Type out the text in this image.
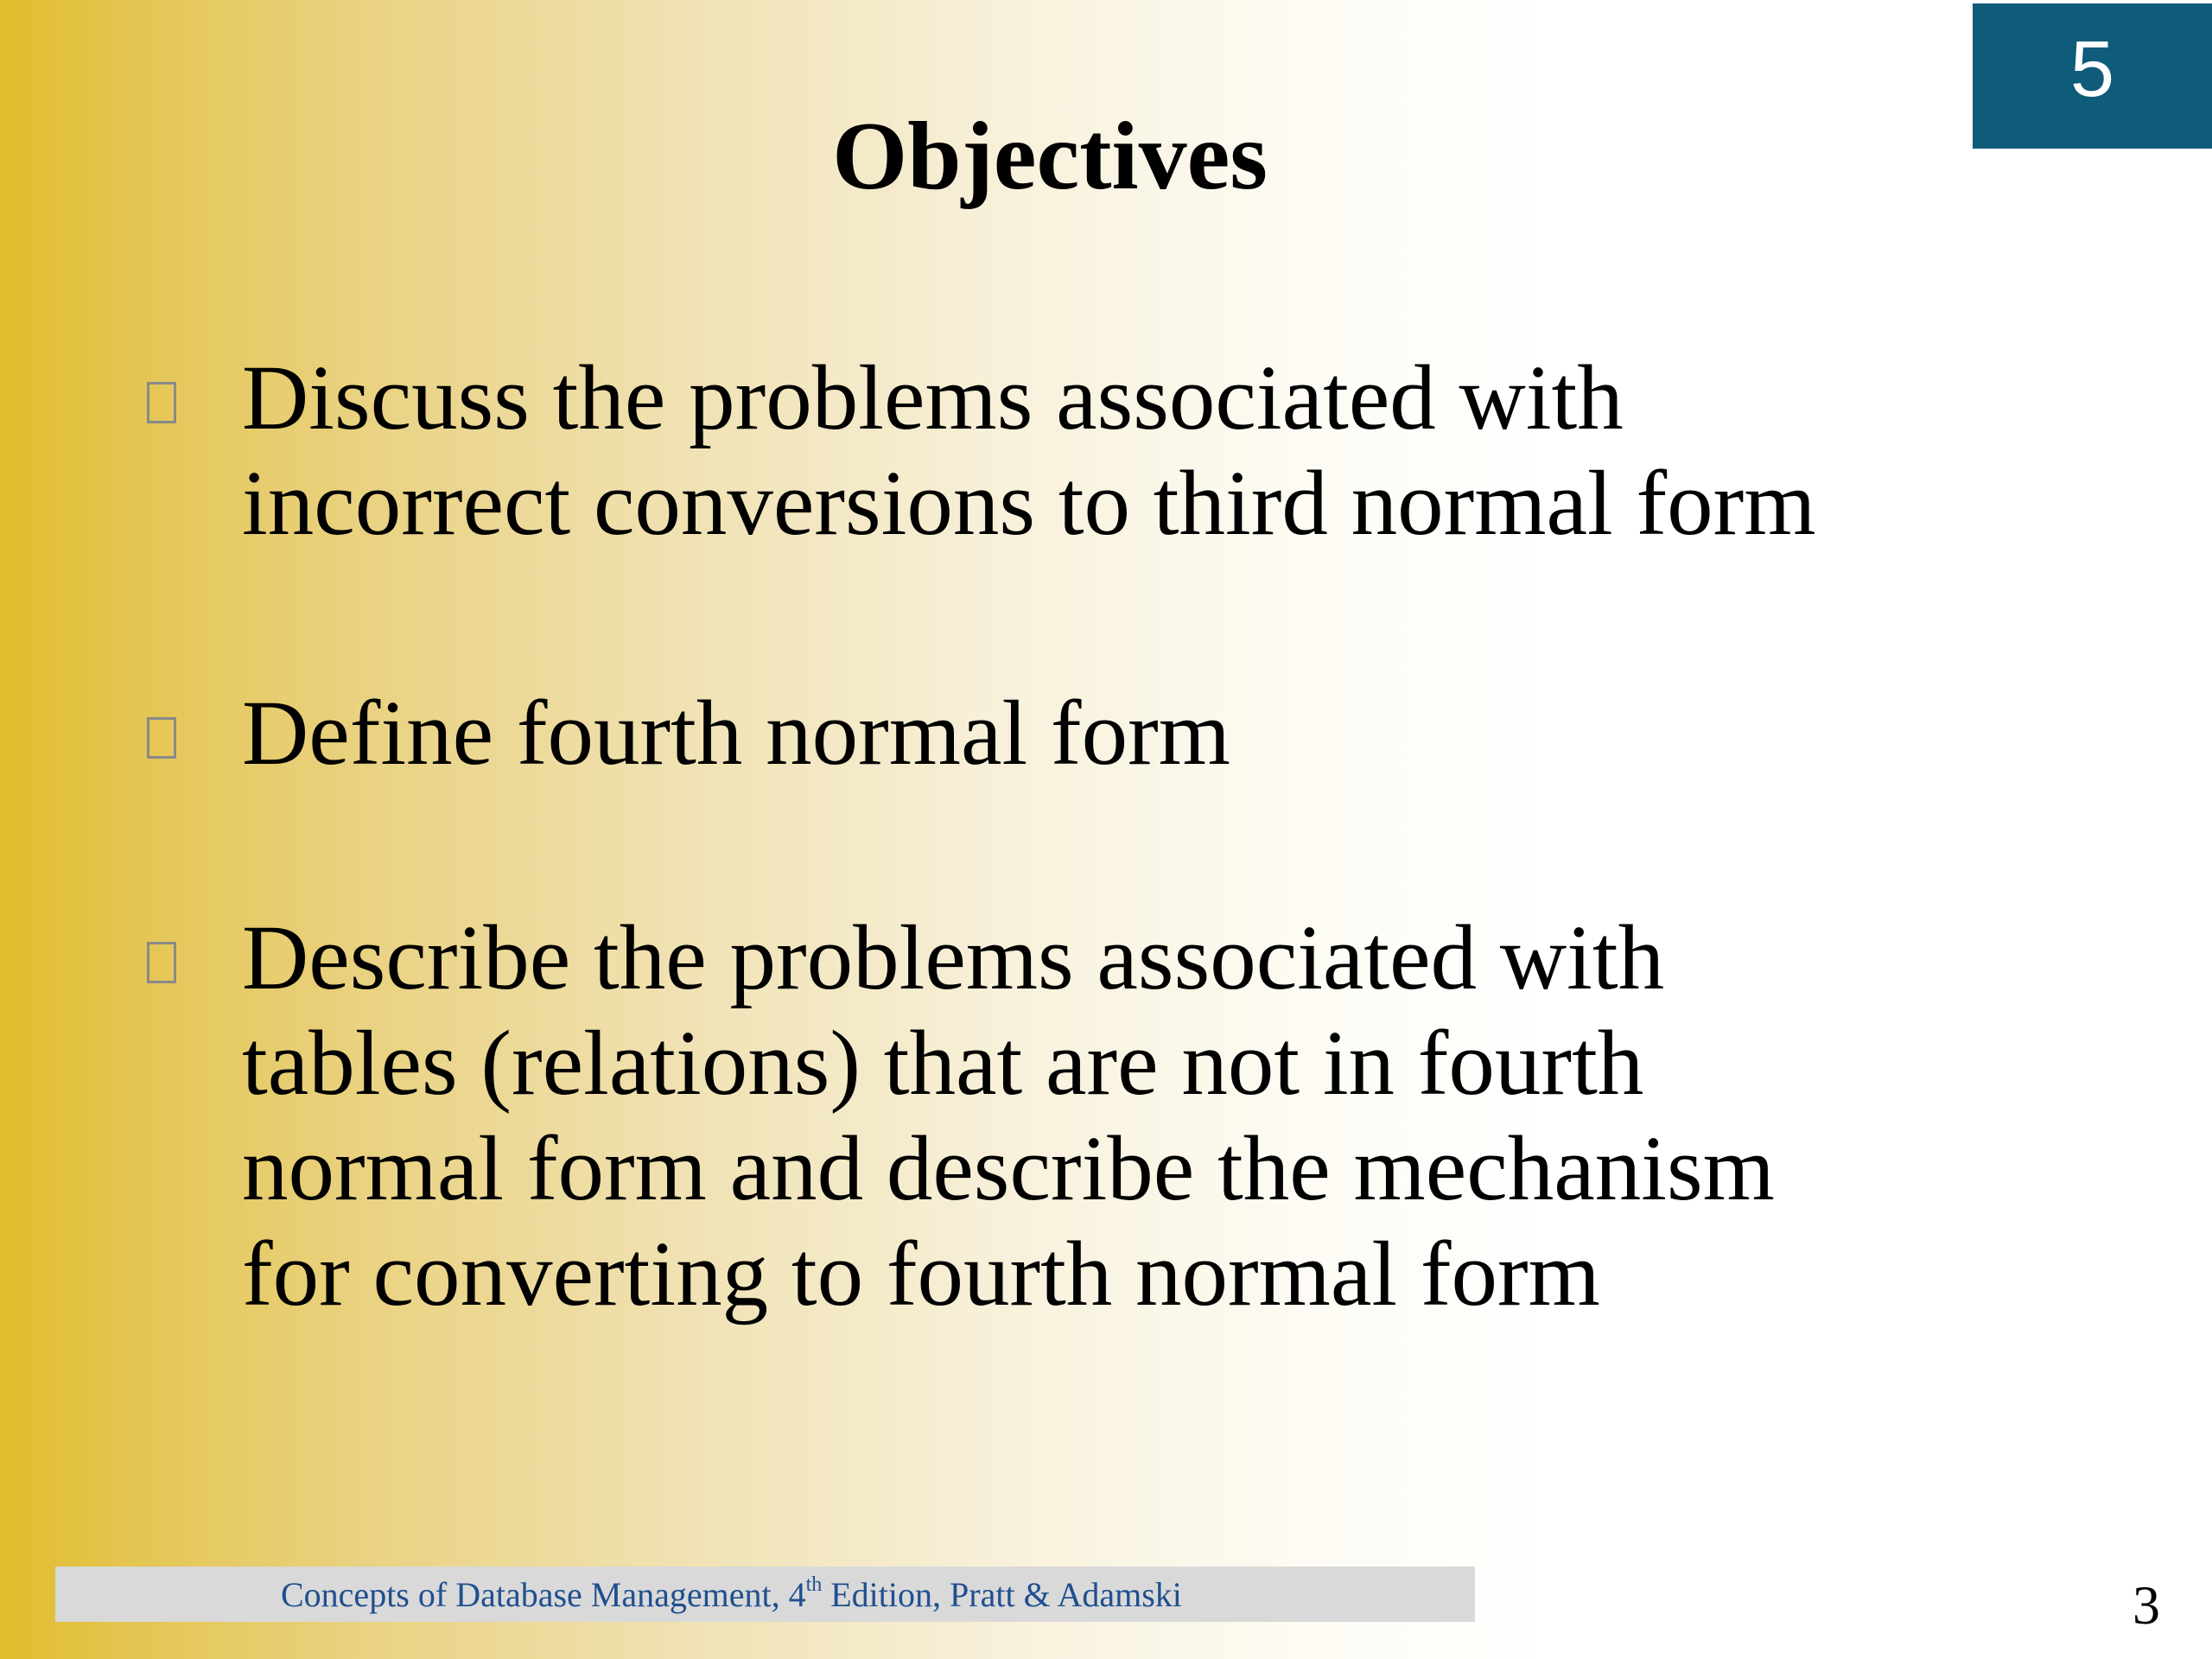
5
Objectives
Discuss the problems associated with
incorrect conversions to third normal form
Define fourth normal form
Describe the problems associated with
tables (relations) that are not in fourth
normal form and describe the mechanism
for converting to fourth normal form
Concepts of Database Management, 4th Edition, Pratt & Adamski	3
